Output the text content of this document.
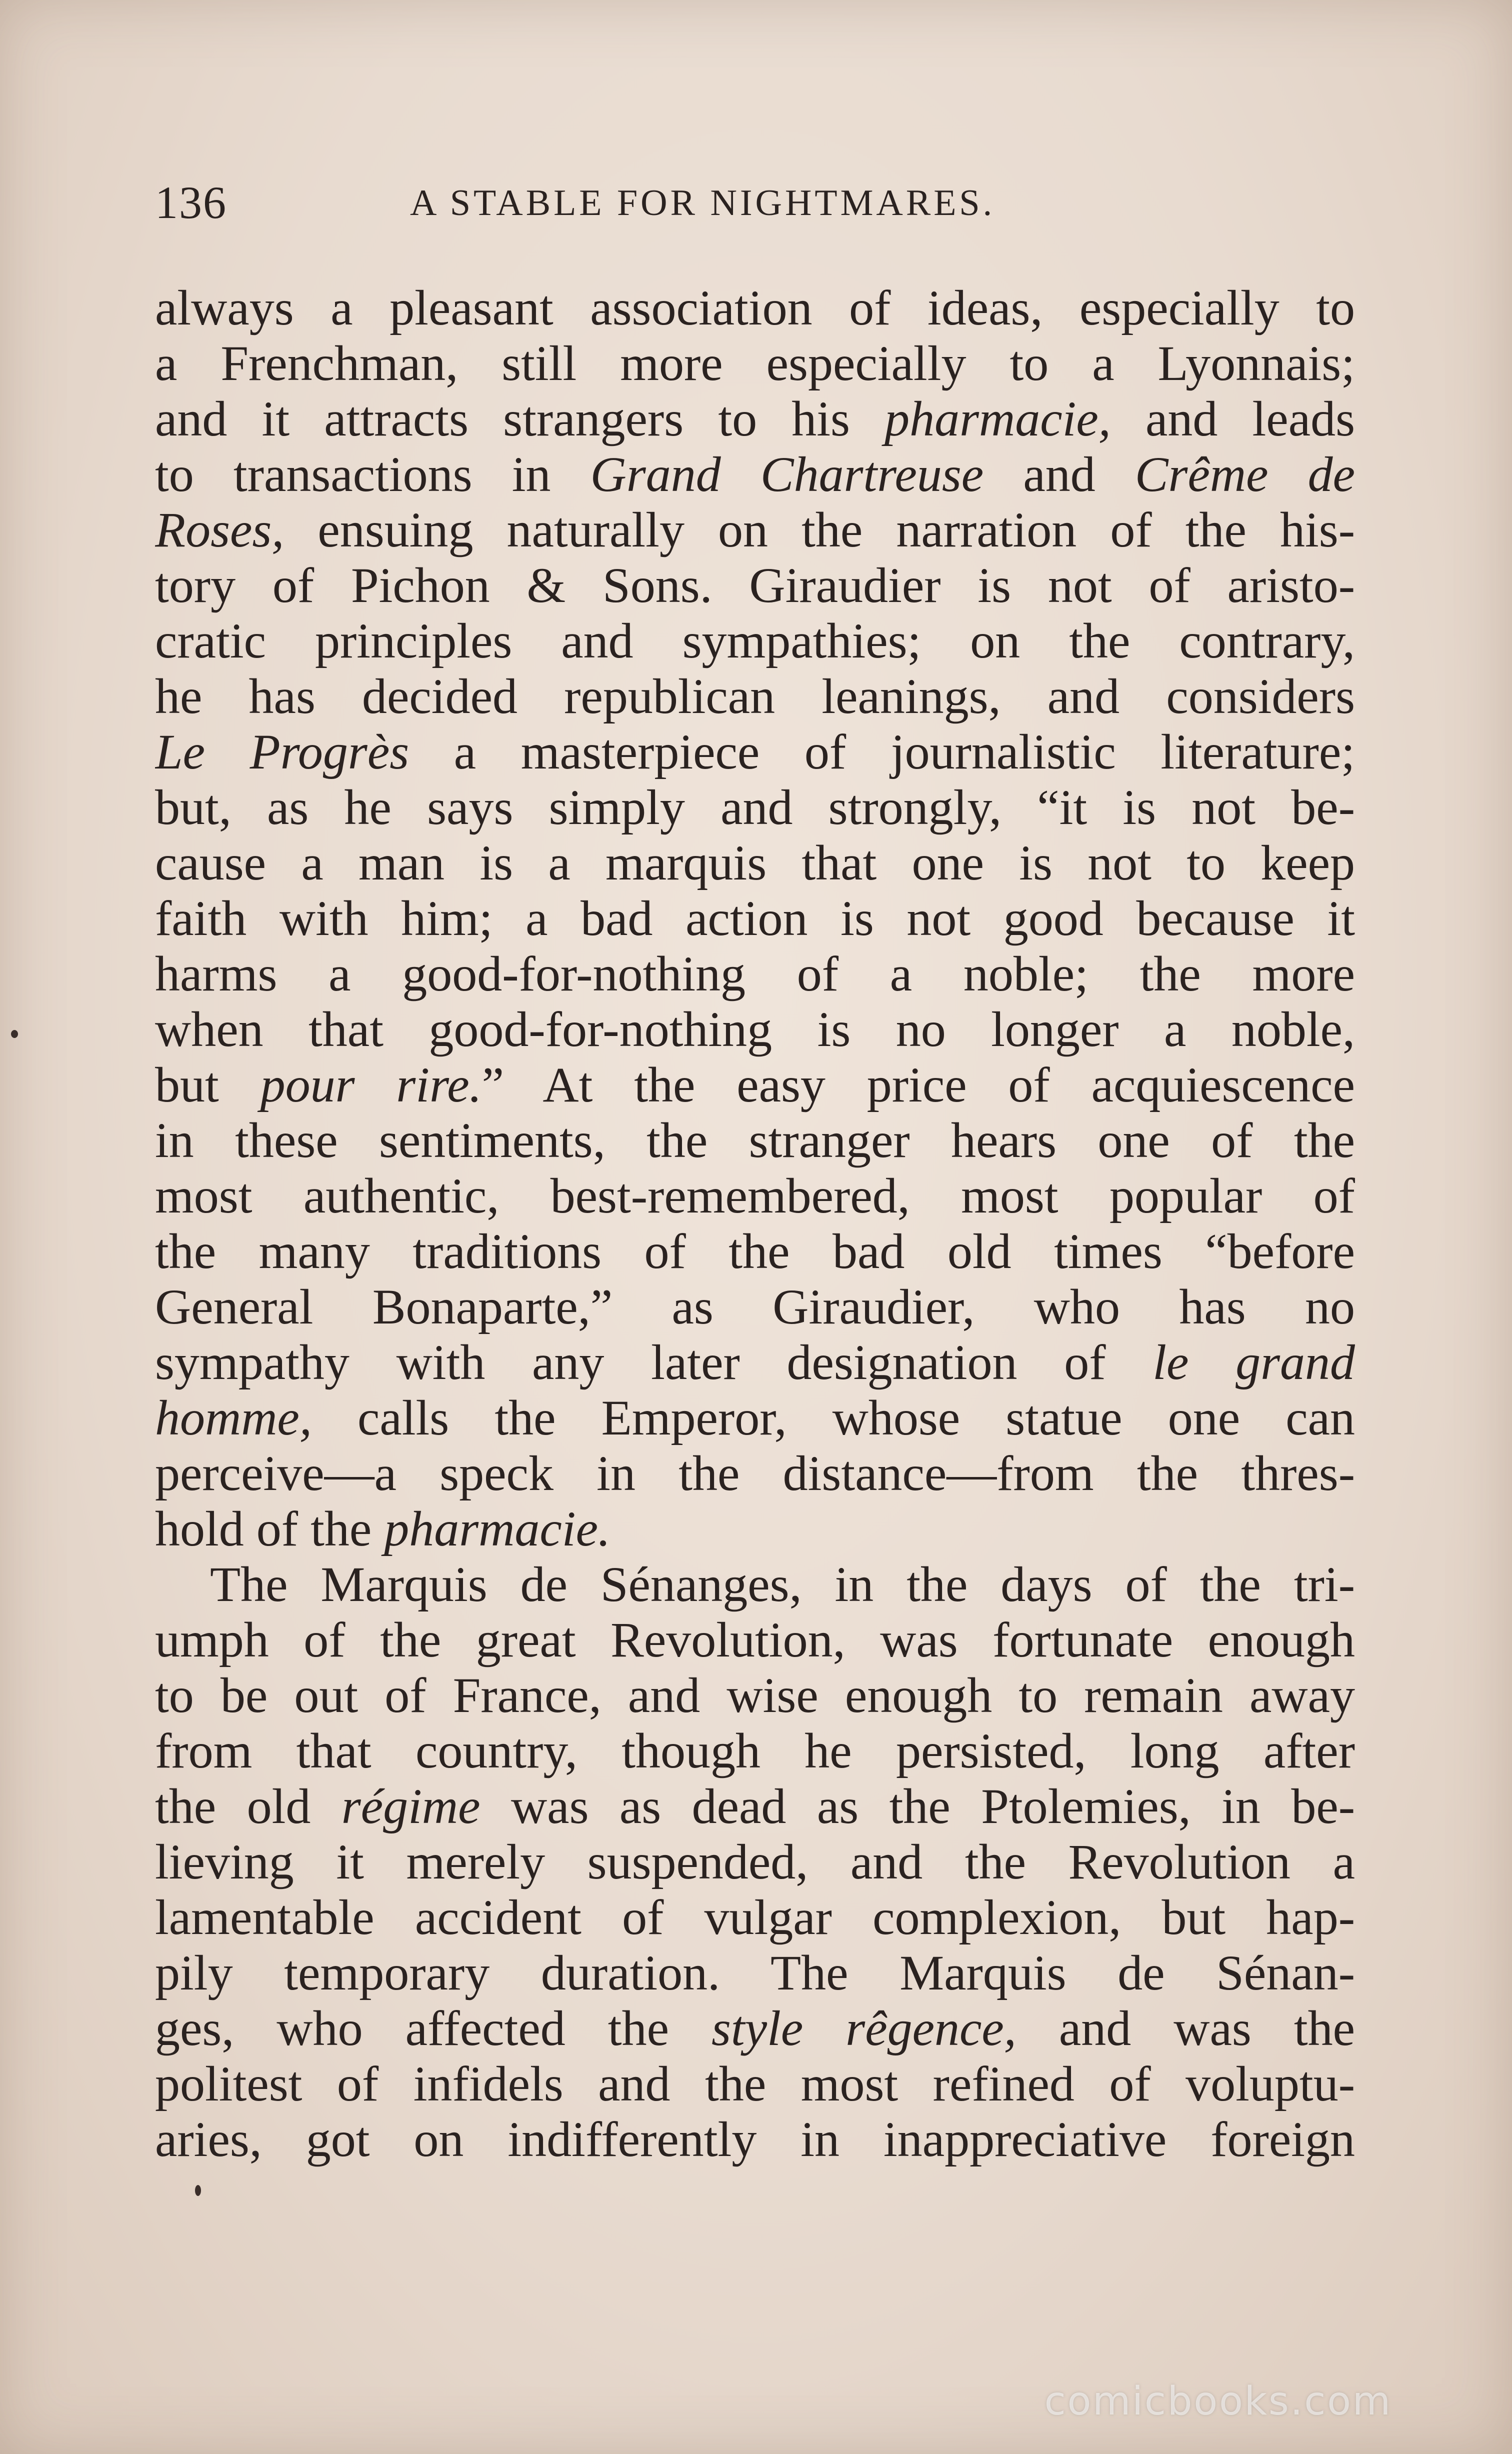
136	A STABLE FOR NIGHTMARES.
always a pleasant association of ideas, especially to
a Frenchman, still more especially to a Lyonnais;
and it attracts strangers to his pharmacie, and leads
to transactions in Grand Chartreuse and Crême de
Roses, ensuing naturally on the narration of the his-
tory of Pichon & Sons. Giraudier is not of aristo-
cratic principles and sympathies; on the contrary,
he has decided republican leanings, and considers
Le Progrès a masterpiece of journalistic literature;
but, as he says simply and strongly, “it is not be-
cause a man is a marquis that one is not to keep
faith with him; a bad action is not good because it
harms a good-for-nothing of a noble; the more
when that good-for-nothing is no longer a noble,
but pour rire.” At the easy price of acquiescence
in these sentiments, the stranger hears one of the
most authentic, best-remembered, most popular of
the many traditions of the bad old times “before
General Bonaparte,” as Giraudier, who has no
sympathy with any later designation of le grand
homme, calls the Emperor, whose statue one can
perceive—a speck in the distance—from the thres-
hold of the pharmacie.
The Marquis de Sénanges, in the days of the tri-
umph of the great Revolution, was fortunate enough
to be out of France, and wise enough to remain away
from that country, though he persisted, long after
the old régime was as dead as the Ptolemies, in be-
lieving it merely suspended, and the Revolution a
lamentable accident of vulgar complexion, but hap-
pily temporary duration. The Marquis de Sénan-
ges, who affected the style rêgence, and was the
politest of infidels and the most refined of voluptu-
aries, got on indifferently in inappreciative foreign
comicbooks.com
